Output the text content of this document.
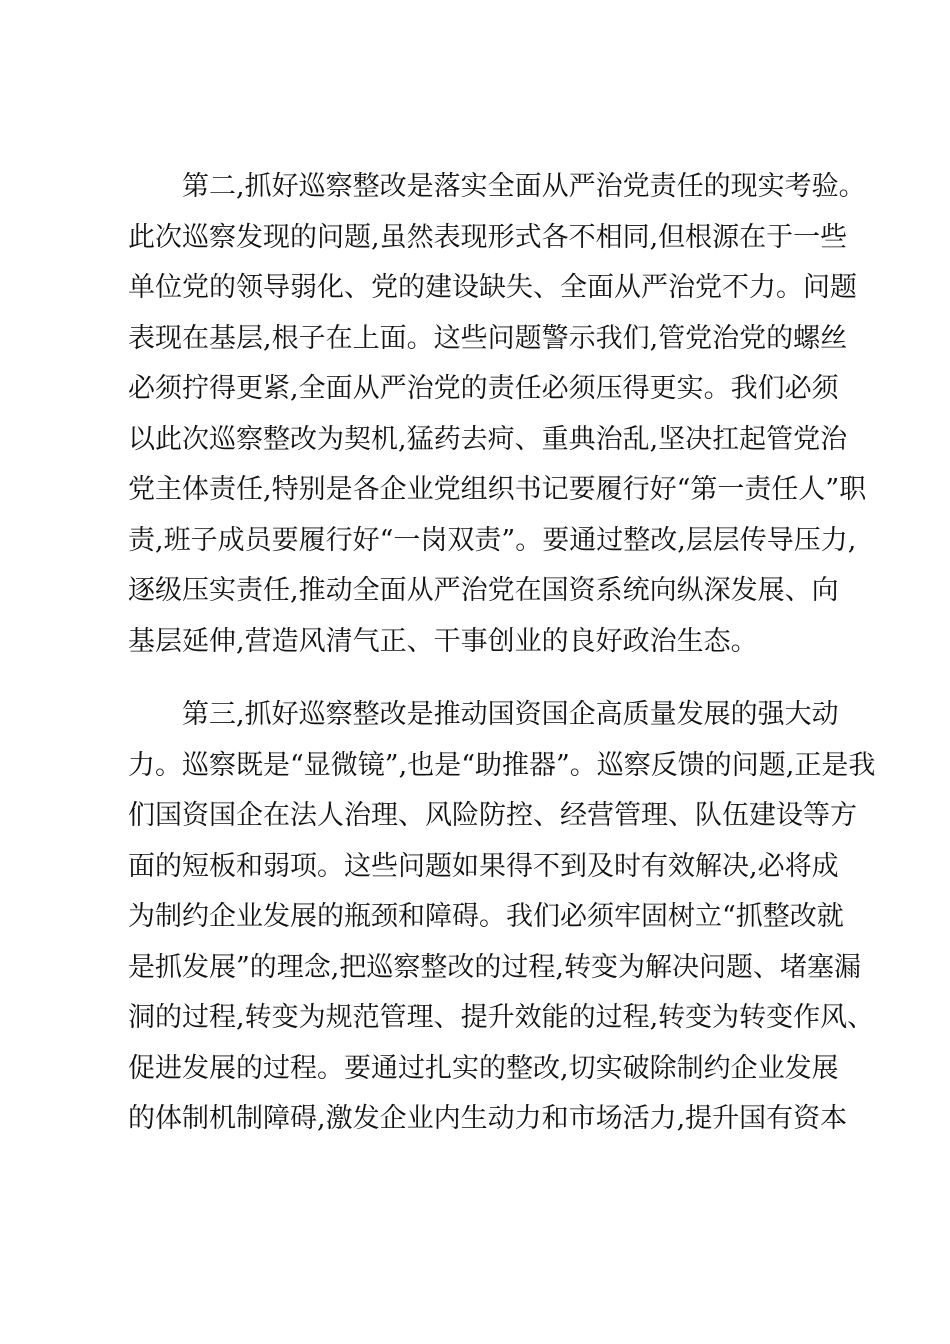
第二,抓好巡察整改是落实全面从严治党责任的现实考验。
此次巡察发现的问题,虽然表现形式各不相同,但根源在于一些
单位党的领导弱化、党的建设缺失、全面从严治党不力。问题
表现在基层,根子在上面。这些问题警示我们,管党治党的螺丝
必须拧得更紧,全面从严治党的责任必须压得更实。我们必须
以此次巡察整改为契机,猛药去疴、重典治乱,坚决扛起管党治
党主体责任,特别是各企业党组织书记要履行好“第一责任人”职
责,班子成员要履行好“一岗双责”。要通过整改,层层传导压力,
逐级压实责任,推动全面从严治党在国资系统向纵深发展、向
基层延伸,营造风清气正、干事创业的良好政治生态。
第三,抓好巡察整改是推动国资国企高质量发展的强大动
力。巡察既是“显微镜”,也是“助推器”。巡察反馈的问题,正是我
们国资国企在法人治理、风险防控、经营管理、队伍建设等方
面的短板和弱项。这些问题如果得不到及时有效解决,必将成
为制约企业发展的瓶颈和障碍。我们必须牢固树立“抓整改就
是抓发展”的理念,把巡察整改的过程,转变为解决问题、堵塞漏
洞的过程,转变为规范管理、提升效能的过程,转变为转变作风、
促进发展的过程。要通过扎实的整改,切实破除制约企业发展
的体制机制障碍,激发企业内生动力和市场活力,提升国有资本
